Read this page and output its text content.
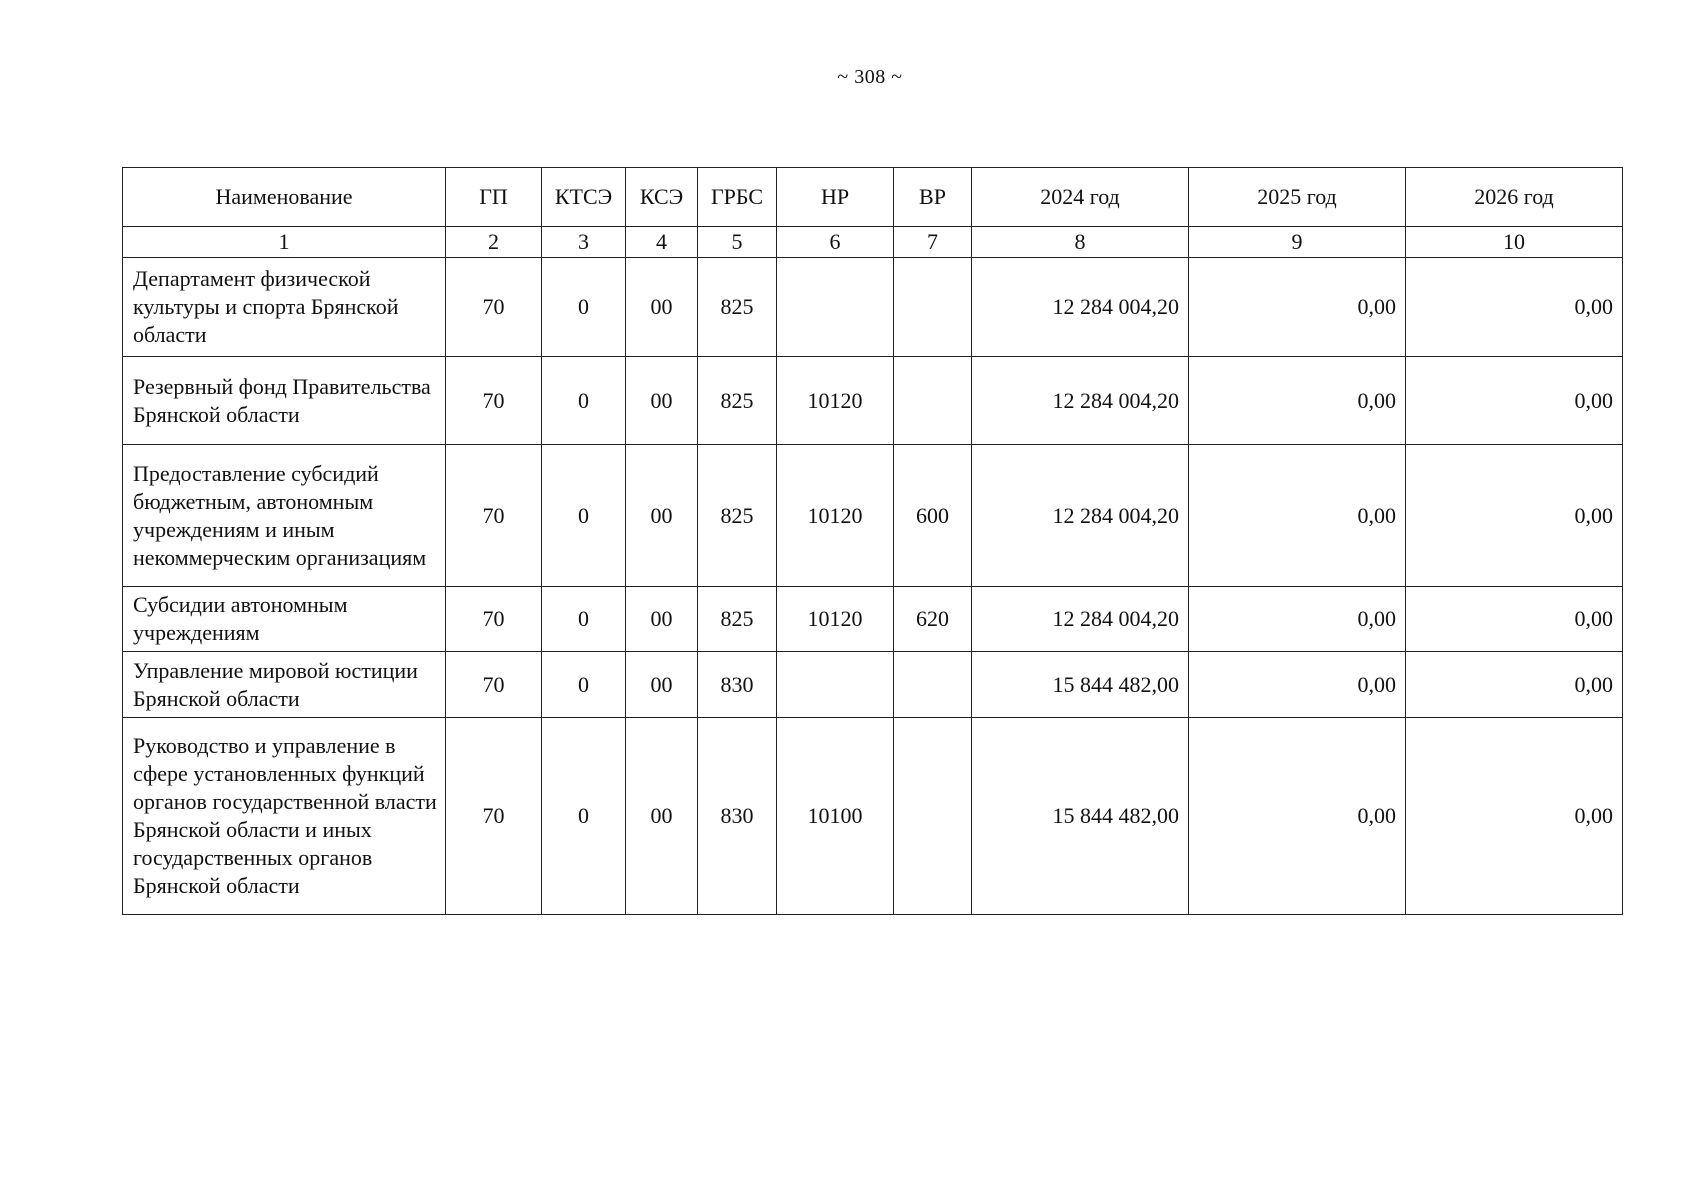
~ 308 ~
Наименование	ГП	КТСЭ	КСЭ	ГРБС	НР	ВР	2024 год	2025 год	2026 год
1	2	3	4	5	6	7	8	9	10
Департамент физической культуры и спорта Брянской области	70	0	00	825			12 284 004,20	0,00	0,00
Резервный фонд Правительства Брянской области	70	0	00	825	10120		12 284 004,20	0,00	0,00
Предоставление субсидий бюджетным, автономным учреждениям и иным некоммерческим организациям	70	0	00	825	10120	600	12 284 004,20	0,00	0,00
Субсидии автономным учреждениям	70	0	00	825	10120	620	12 284 004,20	0,00	0,00
Управление мировой юстиции Брянской области	70	0	00	830			15 844 482,00	0,00	0,00
Руководство и управление в сфере установленных функций органов государственной власти Брянской области и иных государственных органов Брянской области	70	0	00	830	10100		15 844 482,00	0,00	0,00
